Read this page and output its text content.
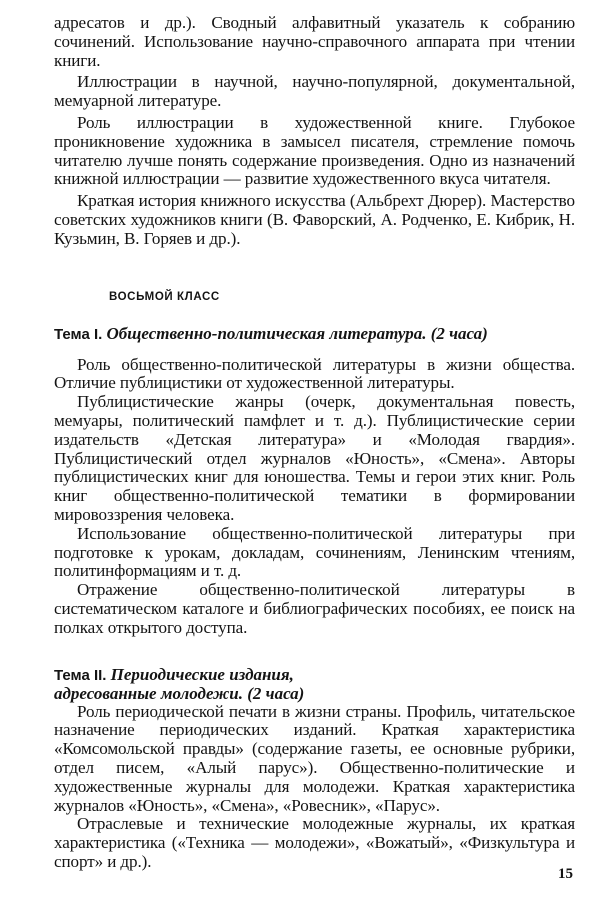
адресатов и др.). Сводный алфавитный указатель к собранию сочинений. Использование научно-справочного аппарата при чтении книги.

Иллюстрации в научной, научно-популярной, документальной, мемуарной литературе.

Роль иллюстрации в художественной книге. Глубокое проникновение художника в замысел писателя, стремление помочь читателю лучше понять содержание произведения. Одно из назначений книжной иллюстрации — развитие художественного вкуса читателя.

Краткая история книжного искусства (Альбрехт Дюрер). Мастерство советских художников книги (В. Фаворский, А. Родченко, Е. Кибрик, Н. Кузьмин, В. Горяев и др.).

ВОСЬМОЙ КЛАСС
Тема I. Общественно-политическая литература. (2 часа)

Роль общественно-политической литературы в жизни общества. Отличие публицистики от художественной литературы.

Публицистические жанры (очерк, документальная повесть, мемуары, политический памфлет и т. д.). Публицистические серии издательств «Детская литература» и «Молодая гвардия». Публицистический отдел журналов «Юность», «Смена». Авторы публицистических книг для юношества. Темы и герои этих книг. Роль книг общественно-политической тематики в формировании мировоззрения человека.

Использование общественно-политической литературы при подготовке к урокам, докладам, сочинениям, Ленинским чтениям, политинформациям и т. д.

Отражение общественно-политической литературы в систематическом каталоге и библиографических пособиях, ее поиск на полках открытого доступа.

Тема II. Периодические издания,
адресованные молодежи. (2 часа)

Роль периодической печати в жизни страны. Профиль, читательское назначение периодических изданий. Краткая характеристика «Комсомольской правды» (содержание газеты, ее основные рубрики, отдел писем, «Алый парус»). Общественно-политические и художественные журналы для молодежи. Краткая характеристика журналов «Юность», «Смена», «Ровесник», «Парус».

Отраслевые и технические молодежные журналы, их краткая характеристика («Техника — молодежи», «Вожатый», «Физкультура и спорт» и др.).

15
